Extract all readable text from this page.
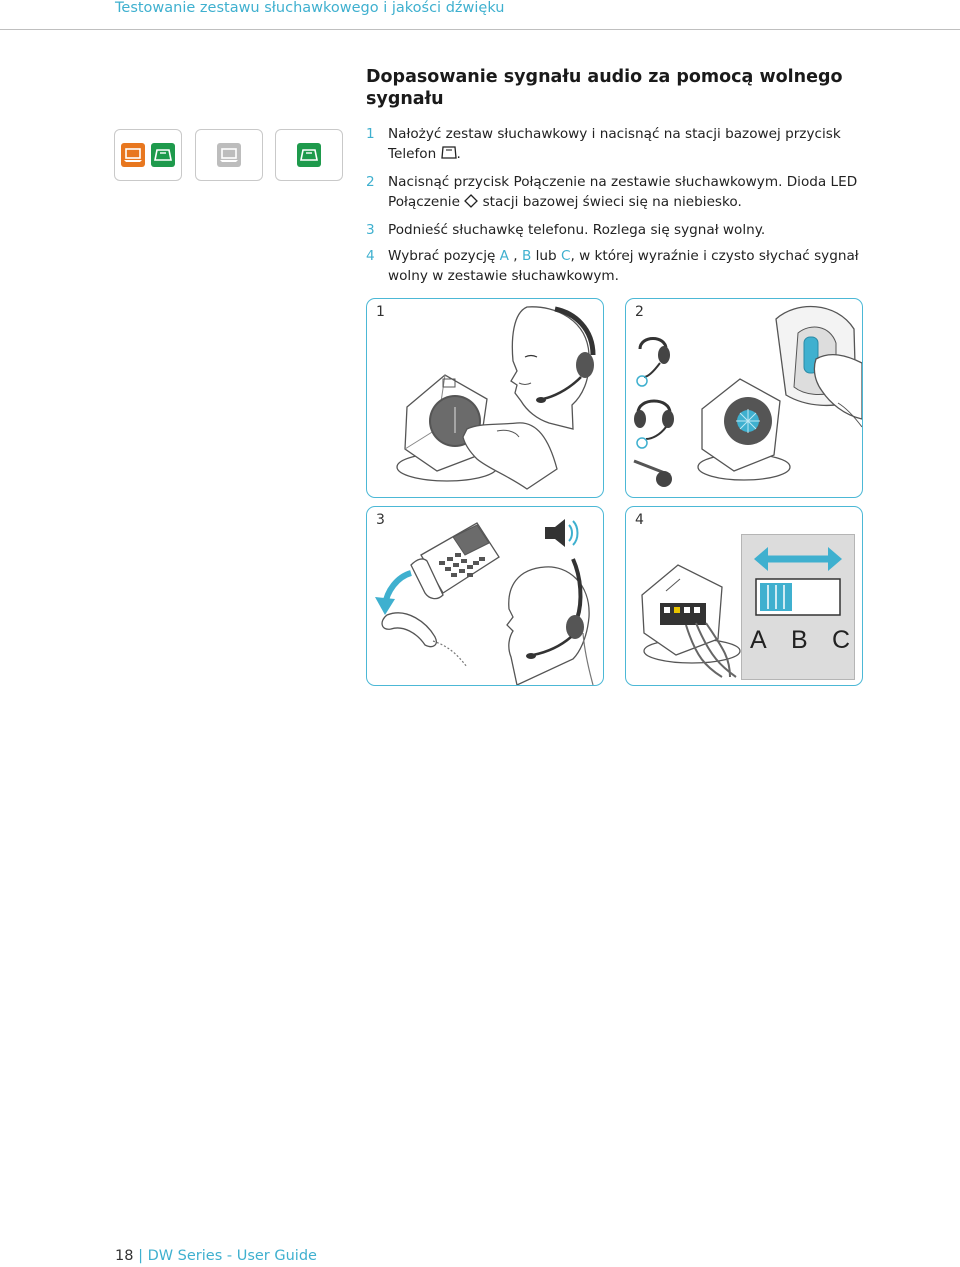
Testowanie zestawu słuchawkowego i jakości dźwięku
Dopasowanie sygnału audio za pomocą wolnego sygnału
1 Nałożyć zestaw słuchawkowy i nacisnąć na stacji bazowej przycisk Telefon .
2 Nacisnąć przycisk Połączenie na zestawie słuchawkowym. Dioda LED Połączenie  stacji bazowej świeci się na niebiesko.
3 Podnieść słuchawkę telefonu. Rozlega się sygnał wolny.
4 Wybrać pozycję A , B lub C, w której wyraźnie i czysto słychać sygnał wolny w zestawie słuchawkowym.
1	2
3	4
A B C
18 | DW Series - User Guide
